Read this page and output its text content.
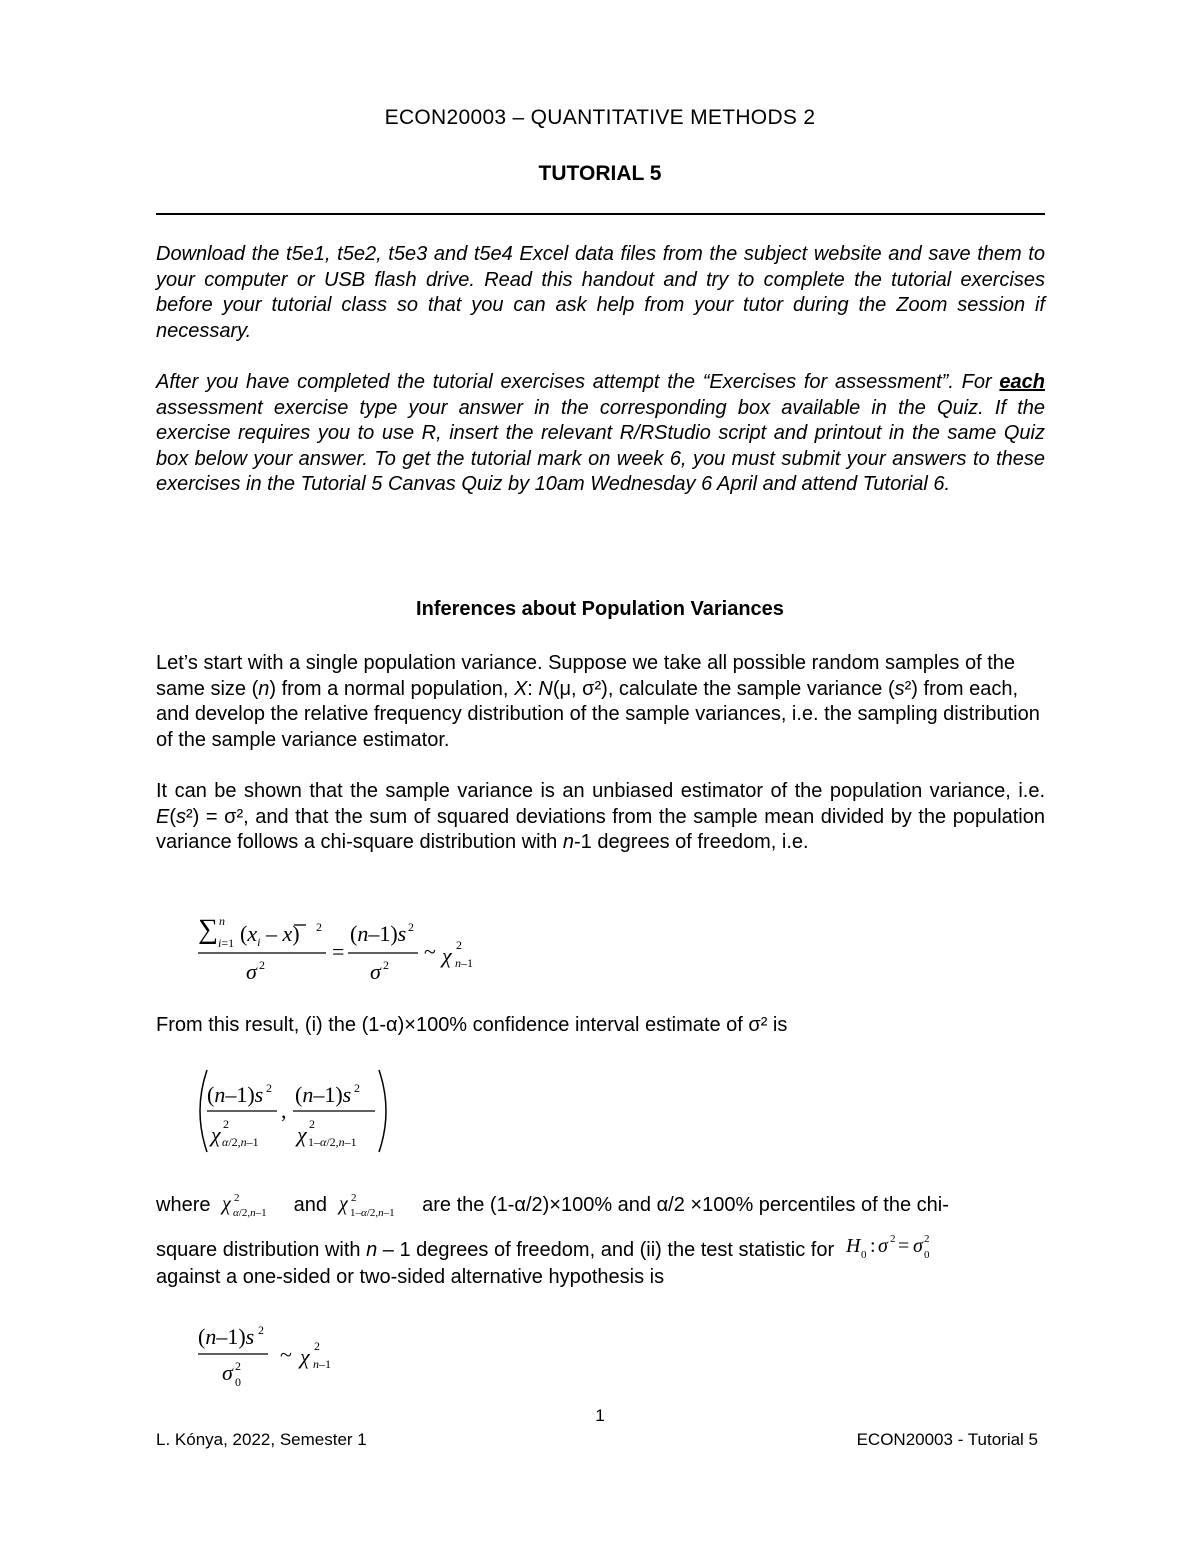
ECON20003 – QUANTITATIVE METHODS 2
TUTORIAL 5
Download the t5e1, t5e2, t5e3 and t5e4 Excel data files from the subject website and save them to your computer or USB flash drive. Read this handout and try to complete the tutorial exercises before your tutorial class so that you can ask help from your tutor during the Zoom session if necessary.
After you have completed the tutorial exercises attempt the “Exercises for assessment”. For each assessment exercise type your answer in the corresponding box available in the Quiz. If the exercise requires you to use R, insert the relevant R/RStudio script and printout in the same Quiz box below your answer. To get the tutorial mark on week 6, you must submit your answers to these exercises in the Tutorial 5 Canvas Quiz by 10am Wednesday 6 April and attend Tutorial 6.
Inferences about Population Variances
Let’s start with a single population variance. Suppose we take all possible random samples of the same size (n) from a normal population, X: N(μ, σ²), calculate the sample variance (s²) from each, and develop the relative frequency distribution of the sample variances, i.e. the sampling distribution of the sample variance estimator.
It can be shown that the sample variance is an unbiased estimator of the population variance, i.e. E(s²) = σ², and that the sum of squared deviations from the sample mean divided by the population variance follows a chi-square distribution with n-1 degrees of freedom, i.e.
∑ n
i=1 $(x_i - x)$ 2
σ 2
=
(n–1)s 2
σ 2
~ χ 2
n–1
From this result, (i) the (1-α)×100% confidence interval estimate of σ² is
(n–1)s 2
χ 2
α/2,n–1
,
(n–1)s 2
χ 2
1–α/2,n–1
where χ 2
α/2,n–1 and χ 2
1–α/2,n–1 are the (1-α/2)×100% and α/2 ×100% percentiles of the chi-
square distribution with n – 1 degrees of freedom, and (ii) the test statistic for H 0 : σ 2 = σ 2
0
against a one-sided or two-sided alternative hypothesis is
(n–1)s 2
σ 2
0
~ χ 2
n–1
1
L. Kónya, 2022, Semester 1	ECON20003 - Tutorial 5
